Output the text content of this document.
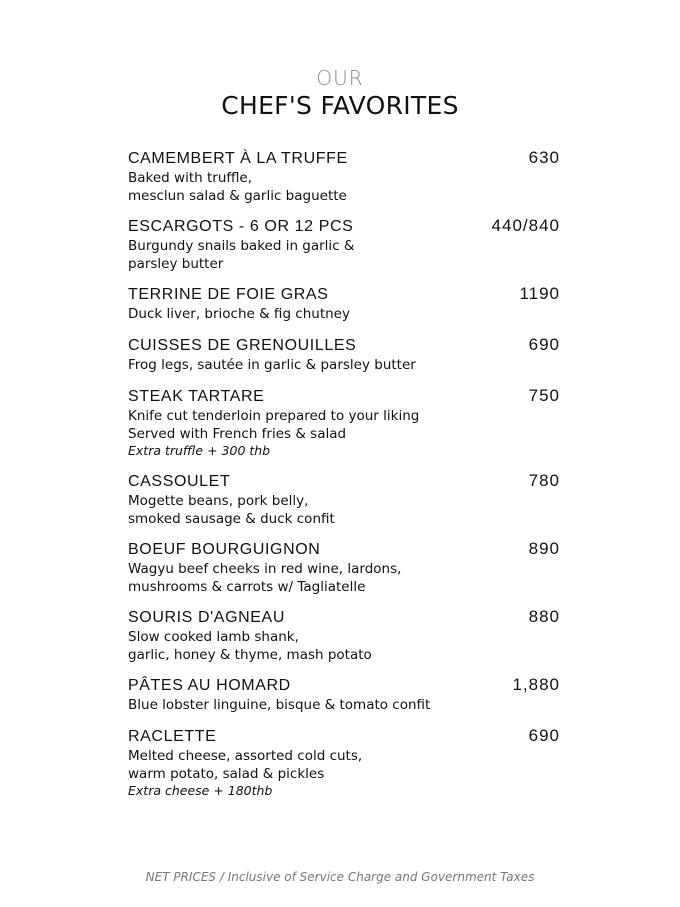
OUR
CHEF'S FAVORITES
CAMEMBERT À LA TRUFFE	630
Baked with truffle,
mesclun salad & garlic baguette
ESCARGOTS - 6 OR 12 PCS	440/840
Burgundy snails baked in garlic &
parsley butter
TERRINE DE FOIE GRAS	1190
Duck liver, brioche & fig chutney
CUISSES DE GRENOUILLES	690
Frog legs, sautée in garlic & parsley butter
STEAK TARTARE	750
Knife cut tenderloin prepared to your liking
Served with French fries & salad
Extra truffle + 300 thb
CASSOULET	780
Mogette beans, pork belly,
smoked sausage & duck confit
BOEUF BOURGUIGNON	890
Wagyu beef cheeks in red wine, lardons,
mushrooms & carrots w/ Tagliatelle
SOURIS D'AGNEAU	880
Slow cooked lamb shank,
garlic, honey & thyme, mash potato
PÂTES AU HOMARD	1,880
Blue lobster linguine, bisque & tomato confit
RACLETTE	690
Melted cheese, assorted cold cuts,
warm potato, salad & pickles
Extra cheese + 180thb
NET PRICES / Inclusive of Service Charge and Government Taxes
